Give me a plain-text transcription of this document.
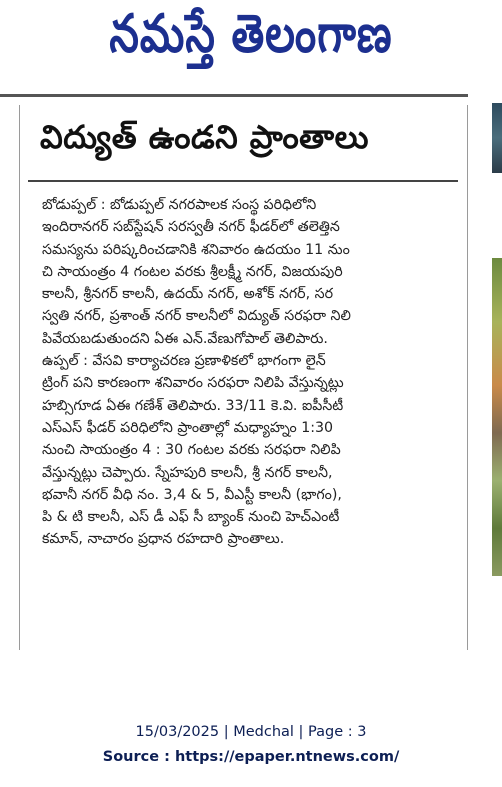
నమస్తే తెలంగాణ
విద్యుత్ ఉండని ప్రాంతాలు
బోడుప్పల్ : బోడుప్పల్ నగరపాలక సంస్థ పరిధిలోని
ఇందిరానగర్ సబ్‌స్టేషన్ సరస్వతీ నగర్ ఫీడర్‌లో తలెత్తిన
సమస్యను పరిష్కరించడానికి శనివారం ఉదయం 11 నుం
చి సాయంత్రం 4 గంటల వరకు శ్రీలక్ష్మీ నగర్, విజయపురి
కాలనీ, శ్రీనగర్ కాలనీ, ఉదయ్ నగర్, అశోక్ నగర్, సర
స్వతి నగర్, ప్రశాంత్ నగర్ కాలనీలో విద్యుత్ సరఫరా నిలి
పివేయబడుతుందని ఏఈ ఎన్.వేణుగోపాల్ తెలిపారు.
ఉప్పల్ : వేసవి కార్యాచరణ ప్రణాళికలో భాగంగా లైన్
ట్రింగ్ పని కారణంగా శనివారం సరఫరా నిలిపి వేస్తున్నట్లు
హబ్సిగూడ ఏఈ గణేశ్ తెలిపారు. 33/11 కె.వి. ఐపీసీటీ
ఎస్‌ఎస్ ఫీడర్ పరిధిలోని ప్రాంతాల్లో మధ్యాహ్నం 1:30
నుంచి సాయంత్రం 4 : 30 గంటల వరకు సరఫరా నిలిపి
వేస్తున్నట్లు చెప్పారు. స్నేహపురి కాలనీ, శ్రీ నగర్ కాలనీ,
భవానీ నగర్ వీధి నం. 3,4 & 5, వీఎస్టీ కాలనీ (భాగం),
పి & టి కాలనీ, ఎస్ డీ ఎఫ్ సీ బ్యాంక్ నుంచి హెచ్‌ఎంటీ
కమాన్, నాచారం ప్రధాన రహదారి ప్రాంతాలు.
15/03/2025 | Medchal | Page : 3
Source : https://epaper.ntnews.com/
